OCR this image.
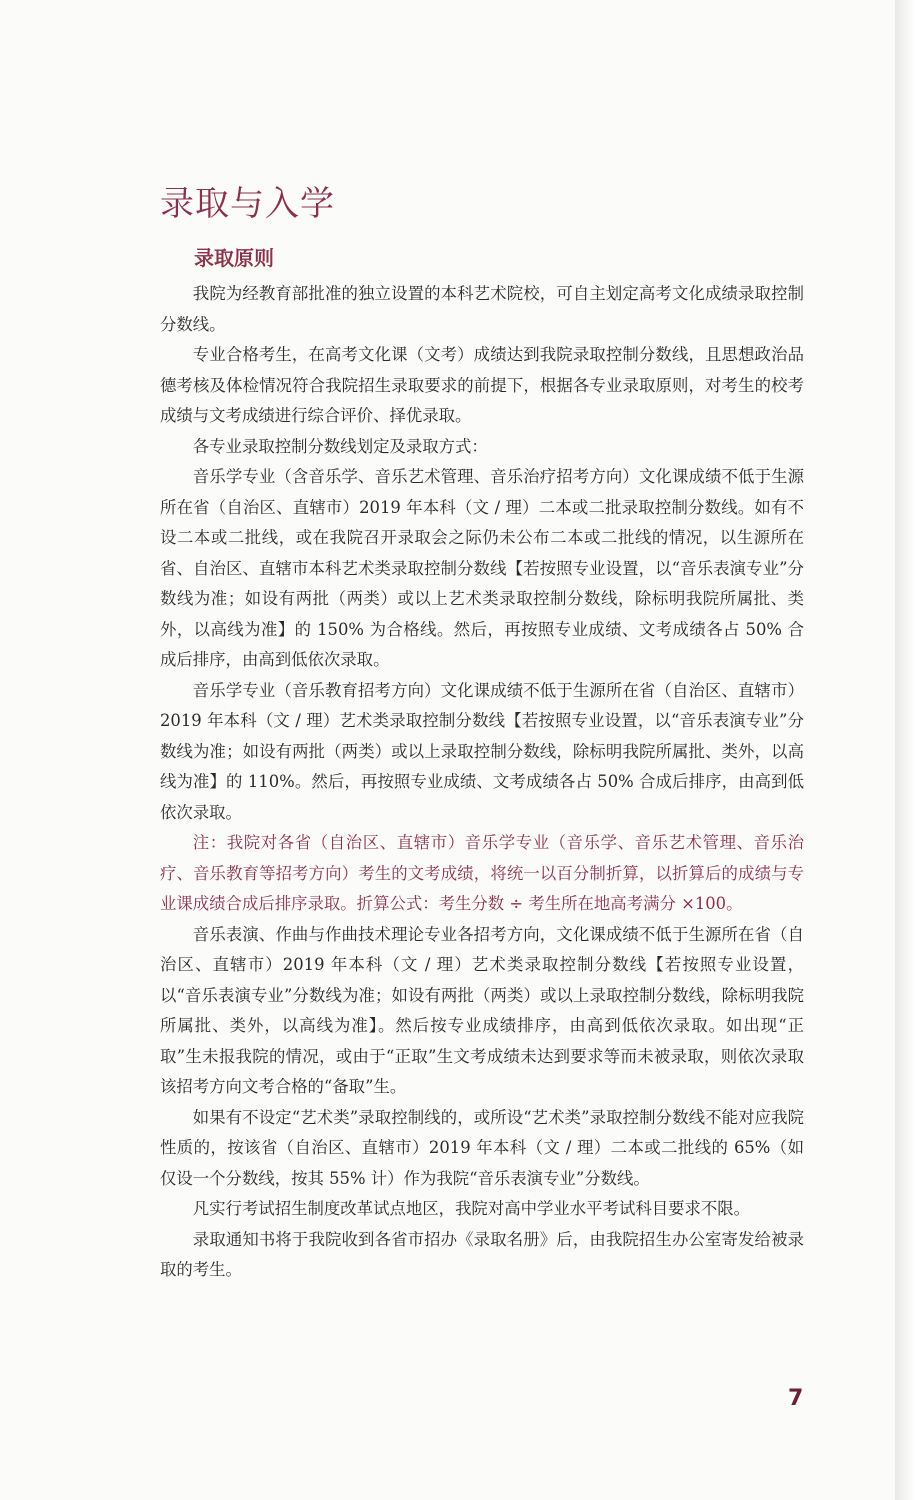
录取与入学
录取原则

我院为经教育部批准的独立设置的本科艺术院校，可自主划定高考文化成绩录取控制分数线。

专业合格考生，在高考文化课（文考）成绩达到我院录取控制分数线，且思想政治品德考核及体检情况符合我院招生录取要求的前提下，根据各专业录取原则，对考生的校考成绩与文考成绩进行综合评价、择优录取。

各专业录取控制分数线划定及录取方式：

音乐学专业（含音乐学、音乐艺术管理、音乐治疗招考方向）文化课成绩不低于生源所在省（自治区、直辖市）2019 年本科（文 / 理）二本或二批录取控制分数线。如有不设二本或二批线，或在我院召开录取会之际仍未公布二本或二批线的情况，以生源所在省、自治区、直辖市本科艺术类录取控制分数线【若按照专业设置，以“音乐表演专业”分数线为准；如设有两批（两类）或以上艺术类录取控制分数线，除标明我院所属批、类外，以高线为准】的 150% 为合格线。然后，再按照专业成绩、文考成绩各占 50% 合成后排序，由高到低依次录取。

音乐学专业（音乐教育招考方向）文化课成绩不低于生源所在省（自治区、直辖市）2019 年本科（文 / 理）艺术类录取控制分数线【若按照专业设置，以“音乐表演专业”分数线为准；如设有两批（两类）或以上录取控制分数线，除标明我院所属批、类外，以高线为准】的 110%。然后，再按照专业成绩、文考成绩各占 50% 合成后排序，由高到低依次录取。

注：我院对各省（自治区、直辖市）音乐学专业（音乐学、音乐艺术管理、音乐治疗、音乐教育等招考方向）考生的文考成绩，将统一以百分制折算，以折算后的成绩与专业课成绩合成后排序录取。折算公式：考生分数 ÷ 考生所在地高考满分 ×100。

音乐表演、作曲与作曲技术理论专业各招考方向，文化课成绩不低于生源所在省（自治区、直辖市）2019 年本科（文 / 理）艺术类录取控制分数线【若按照专业设置，以“音乐表演专业”分数线为准；如设有两批（两类）或以上录取控制分数线，除标明我院所属批、类外，以高线为准】。然后按专业成绩排序，由高到低依次录取。如出现“正取”生未报我院的情况，或由于“正取”生文考成绩未达到要求等而未被录取，则依次录取该招考方向文考合格的“备取”生。

如果有不设定“艺术类”录取控制线的，或所设“艺术类”录取控制分数线不能对应我院性质的，按该省（自治区、直辖市）2019 年本科（文 / 理）二本或二批线的 65%（如仅设一个分数线，按其 55% 计）作为我院“音乐表演专业”分数线。

凡实行考试招生制度改革试点地区，我院对高中学业水平考试科目要求不限。

录取通知书将于我院收到各省市招办《录取名册》后，由我院招生办公室寄发给被录取的考生。

7
